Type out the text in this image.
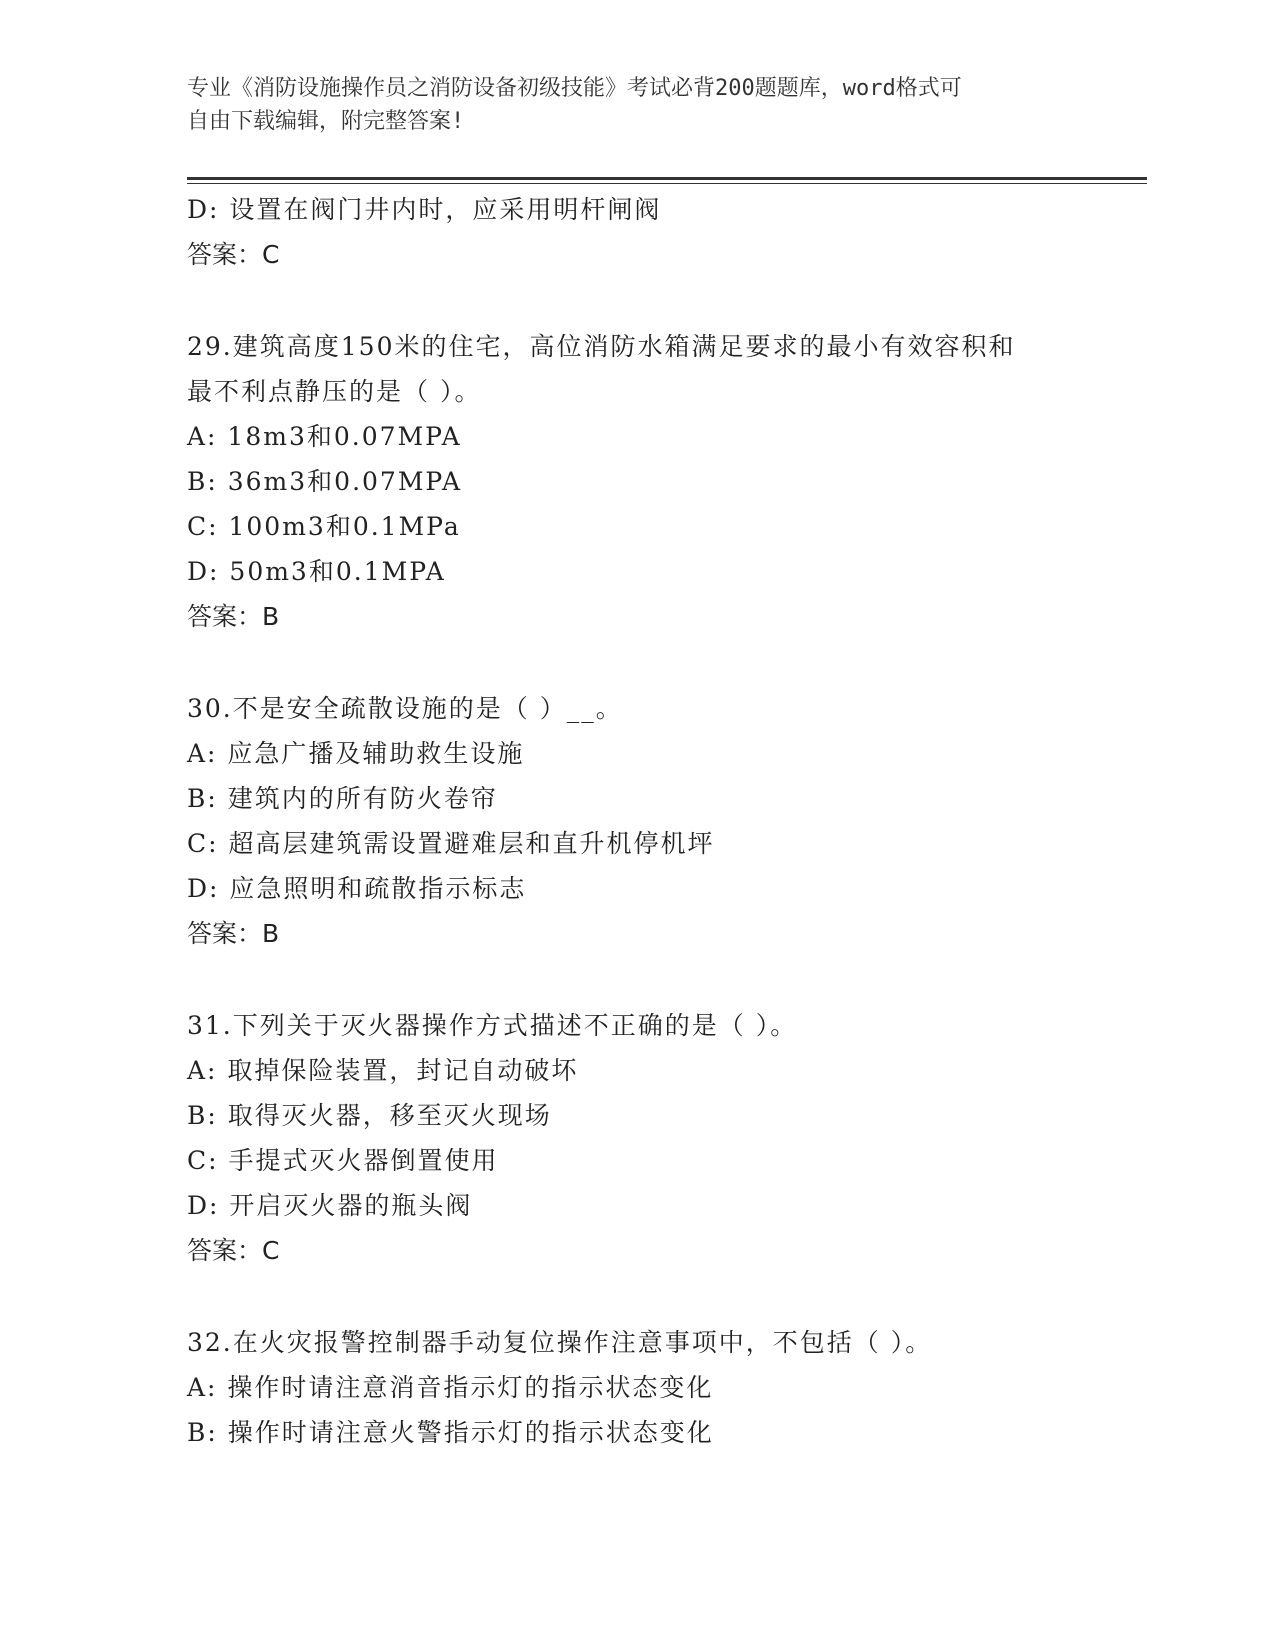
专业《消防设施操作员之消防设备初级技能》考试必背200题题库，word格式可
自由下载编辑，附完整答案!
D: 设置在阀门井内时，应采用明杆闸阀
答案：C
29.建筑高度150米的住宅，高位消防水箱满足要求的最小有效容积和
最不利点静压的是（ ）。
A: 18m3和0.07MPA
B: 36m3和0.07MPA
C: 100m3和0.1MPa
D: 50m3和0.1MPA
答案：B
30.不是安全疏散设施的是（ ）__。
A: 应急广播及辅助救生设施
B: 建筑内的所有防火卷帘
C: 超高层建筑需设置避难层和直升机停机坪
D: 应急照明和疏散指示标志
答案：B
31.下列关于灭火器操作方式描述不正确的是（ ）。
A: 取掉保险装置，封记自动破坏
B: 取得灭火器，移至灭火现场
C: 手提式灭火器倒置使用
D: 开启灭火器的瓶头阀
答案：C
32.在火灾报警控制器手动复位操作注意事项中，不包括（ ）。
A: 操作时请注意消音指示灯的指示状态变化
B: 操作时请注意火警指示灯的指示状态变化
